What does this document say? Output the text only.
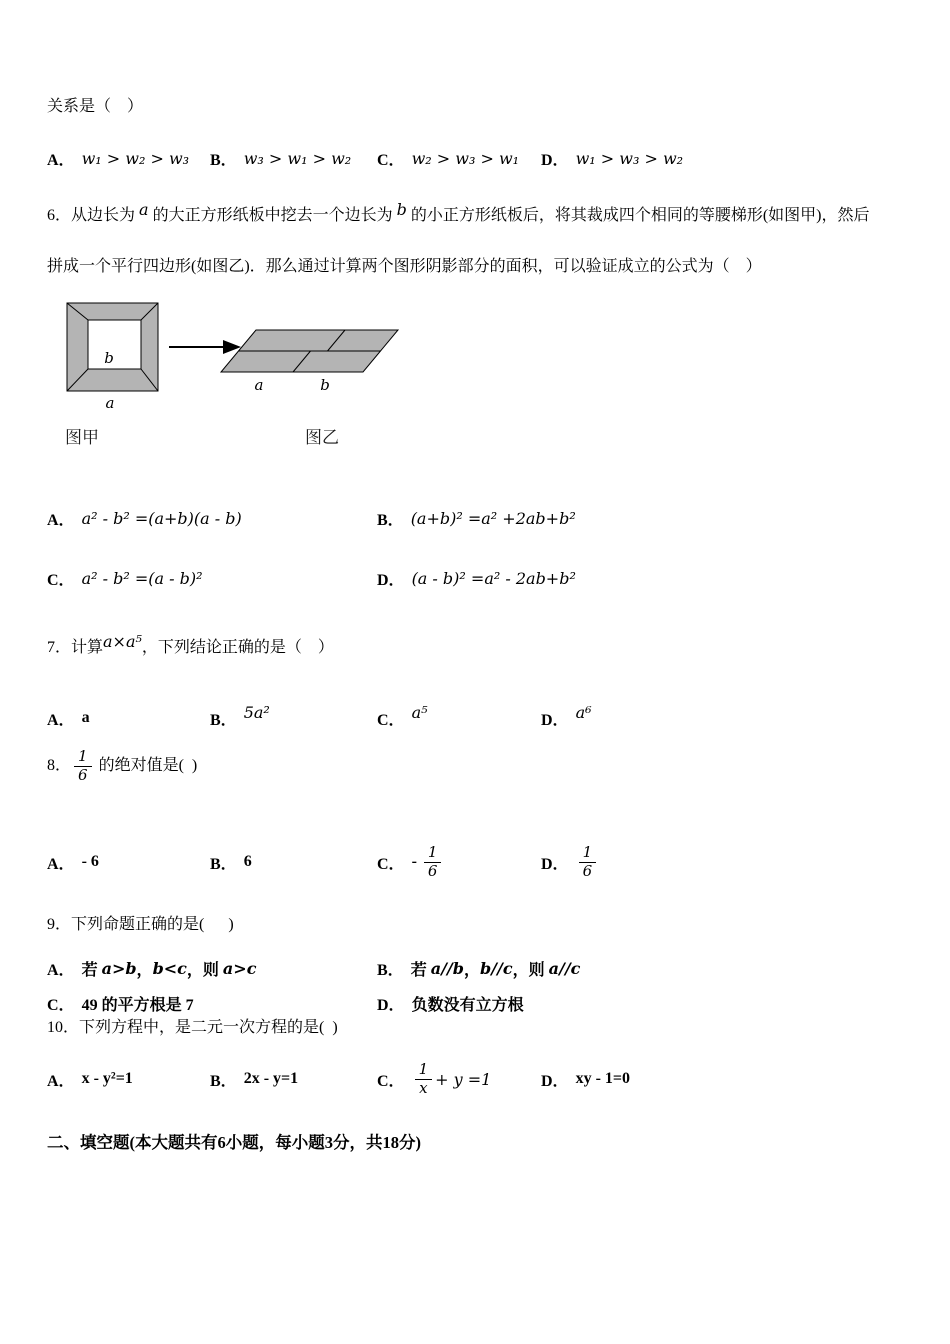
关系是（    ）
A． w₁ > w₂ > w₃ B． w₃ > w₁ > w₂ C． w₂ > w₃ > w₁ D． w₁ > w₃ > w₂
6．从边长为 a 的大正方形纸板中挖去一个边长为 b 的小正方形纸板后，将其裁成四个相同的等腰梯形(如图甲)，然后
拼成一个平行四边形(如图乙)．那么通过计算两个图形阴影部分的面积，可以验证成立的公式为（    ）
b
a
a	b
图甲	图乙
A． a² - b² =(a+b)(a - b)	B． (a+b)² =a² +2ab+b²
C． a² - b² =(a - b)²	D． (a - b)² =a² - 2ab+b²
7．计算 a×a⁵ ，下列结论正确的是（    ）
A． a	B． 5a²	C． a⁵	D． a⁶
8． $\frac{1}{6}$ 的绝对值是(  )
A． - 6	B． 6	C． - $\frac{1}{6}$	D． $\frac{1}{6}$
9．下列命题正确的是(      )
A． 若 a>b ， b<c ，则 a>c	B． 若 a//b ， b//c ，则 a//c
C． 49 的平方根是 7	D． 负数没有立方根
10．下列方程中，是二元一次方程的是(  )
A． x - y²=1	B． 2x - y=1	C． $\frac{1}{x} + y =1$	D． xy - 1=0
二、填空题(本大题共有6小题，每小题3分，共18分)
